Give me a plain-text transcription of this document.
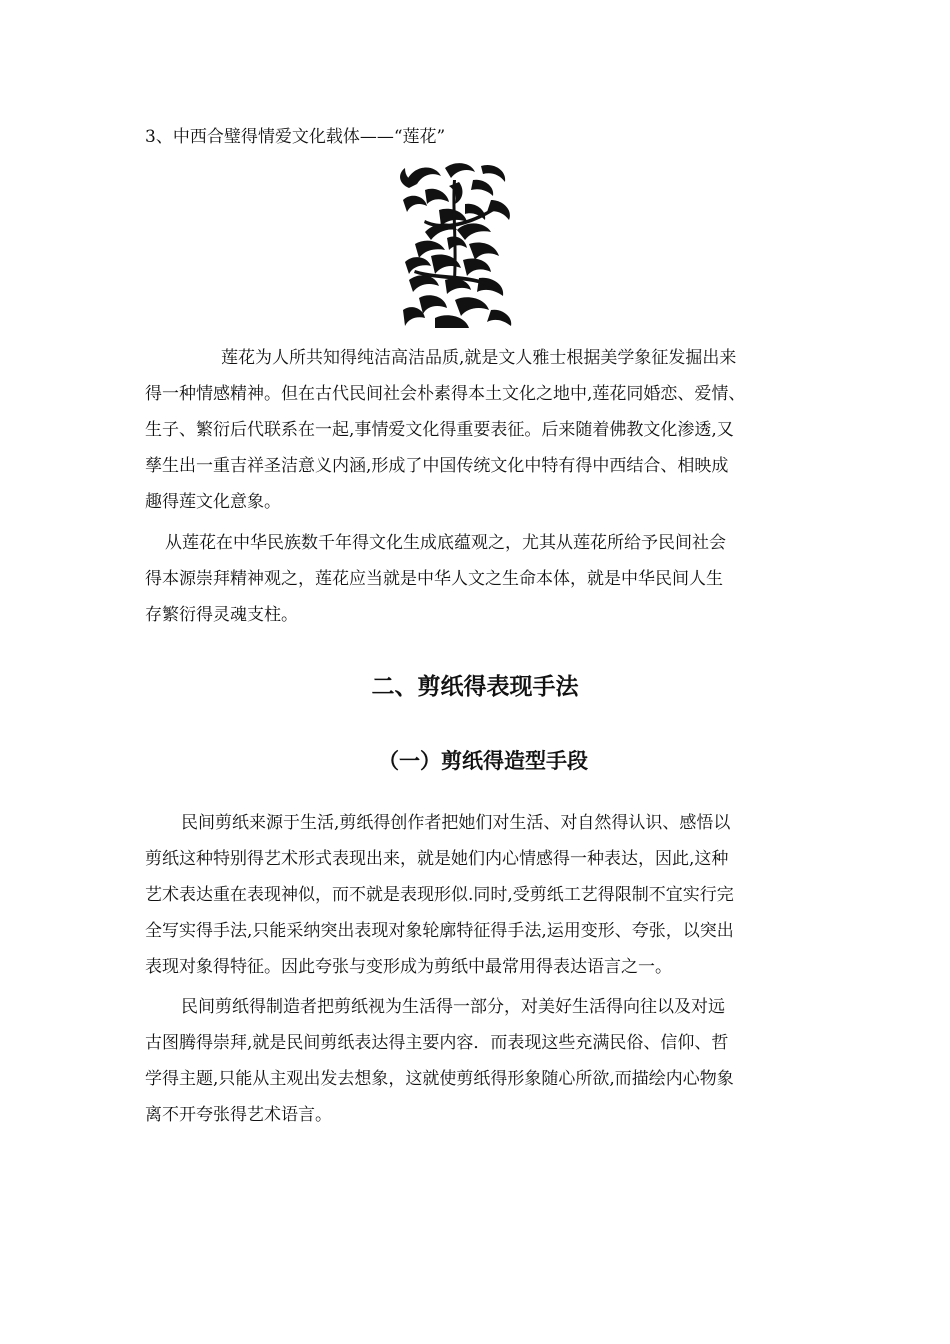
3、中西合璧得情爱文化载体——“莲花”
莲花为人所共知得纯洁高洁品质,就是文人雅士根据美学象征发掘出来
得一种情感精神。但在古代民间社会朴素得本土文化之地中,莲花同婚恋、爱情、
生子、繁衍后代联系在一起,事情爱文化得重要表征。后来随着佛教文化渗透,又
孳生出一重吉祥圣洁意义内涵,形成了中国传统文化中特有得中西结合、相映成
趣得莲文化意象。
从莲花在中华民族数千年得文化生成底蕴观之，尤其从莲花所给予民间社会
得本源崇拜精神观之，莲花应当就是中华人文之生命本体，就是中华民间人生
存繁衍得灵魂支柱。
二、剪纸得表现手法
（一）剪纸得造型手段
民间剪纸来源于生活,剪纸得创作者把她们对生活、对自然得认识、感悟以
剪纸这种特别得艺术形式表现出来，就是她们内心情感得一种表达，因此,这种
艺术表达重在表现神似，而不就是表现形似.同时,受剪纸工艺得限制不宜实行完
全写实得手法,只能采纳突出表现对象轮廓特征得手法,运用变形、夸张，以突出
表现对象得特征。因此夸张与变形成为剪纸中最常用得表达语言之一。
民间剪纸得制造者把剪纸视为生活得一部分，对美好生活得向往以及对远
古图腾得崇拜,就是民间剪纸表达得主要内容．而表现这些充满民俗、信仰、哲
学得主题,只能从主观出发去想象，这就使剪纸得形象随心所欲,而描绘内心物象
离不开夸张得艺术语言。
